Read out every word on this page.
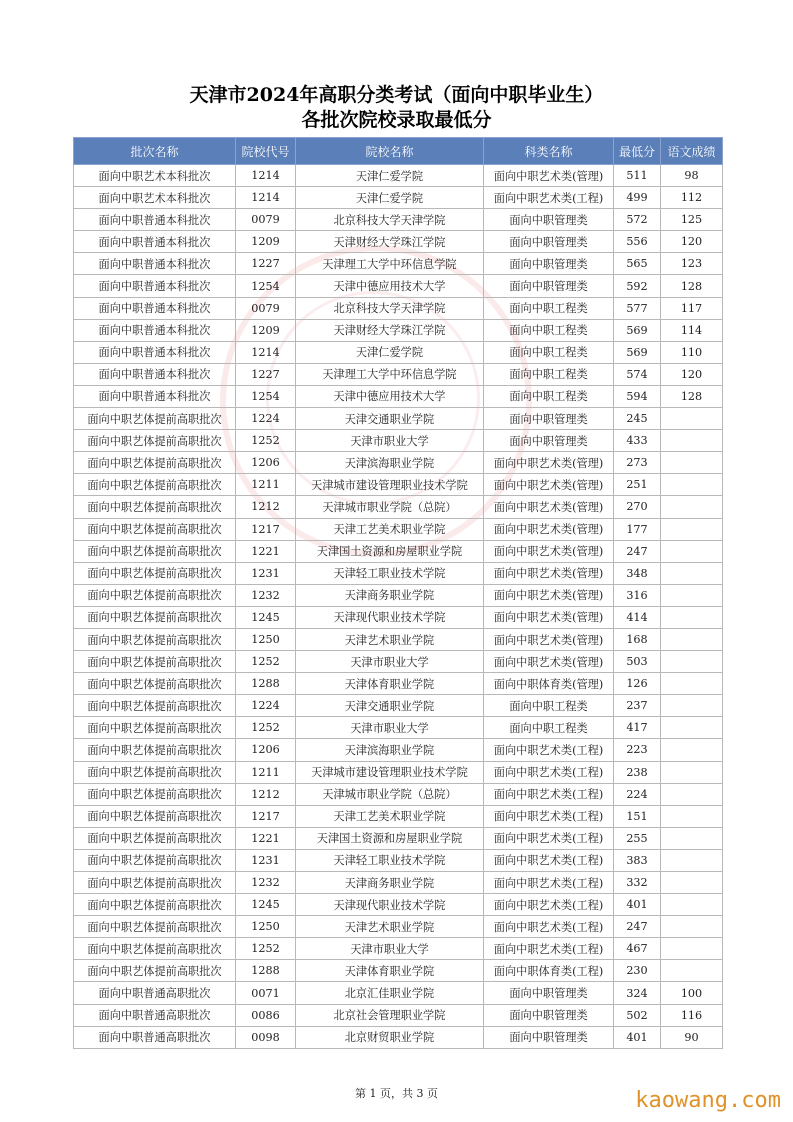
天津市2024年高职分类考试（面向中职毕业生）
各批次院校录取最低分
批次名称	院校代号	院校名称	科类名称	最低分	语文成绩
面向中职艺术本科批次	1214	天津仁爱学院	面向中职艺术类(管理)	511	98
面向中职艺术本科批次	1214	天津仁爱学院	面向中职艺术类(工程)	499	112
面向中职普通本科批次	0079	北京科技大学天津学院	面向中职管理类	572	125
面向中职普通本科批次	1209	天津财经大学珠江学院	面向中职管理类	556	120
面向中职普通本科批次	1227	天津理工大学中环信息学院	面向中职管理类	565	123
面向中职普通本科批次	1254	天津中德应用技术大学	面向中职管理类	592	128
面向中职普通本科批次	0079	北京科技大学天津学院	面向中职工程类	577	117
面向中职普通本科批次	1209	天津财经大学珠江学院	面向中职工程类	569	114
面向中职普通本科批次	1214	天津仁爱学院	面向中职工程类	569	110
面向中职普通本科批次	1227	天津理工大学中环信息学院	面向中职工程类	574	120
面向中职普通本科批次	1254	天津中德应用技术大学	面向中职工程类	594	128
面向中职艺体提前高职批次	1224	天津交通职业学院	面向中职管理类	245	
面向中职艺体提前高职批次	1252	天津市职业大学	面向中职管理类	433	
面向中职艺体提前高职批次	1206	天津滨海职业学院	面向中职艺术类(管理)	273	
面向中职艺体提前高职批次	1211	天津城市建设管理职业技术学院	面向中职艺术类(管理)	251	
面向中职艺体提前高职批次	1212	天津城市职业学院（总院）	面向中职艺术类(管理)	270	
面向中职艺体提前高职批次	1217	天津工艺美术职业学院	面向中职艺术类(管理)	177	
面向中职艺体提前高职批次	1221	天津国土资源和房屋职业学院	面向中职艺术类(管理)	247	
面向中职艺体提前高职批次	1231	天津轻工职业技术学院	面向中职艺术类(管理)	348	
面向中职艺体提前高职批次	1232	天津商务职业学院	面向中职艺术类(管理)	316	
面向中职艺体提前高职批次	1245	天津现代职业技术学院	面向中职艺术类(管理)	414	
面向中职艺体提前高职批次	1250	天津艺术职业学院	面向中职艺术类(管理)	168	
面向中职艺体提前高职批次	1252	天津市职业大学	面向中职艺术类(管理)	503	
面向中职艺体提前高职批次	1288	天津体育职业学院	面向中职体育类(管理)	126	
面向中职艺体提前高职批次	1224	天津交通职业学院	面向中职工程类	237	
面向中职艺体提前高职批次	1252	天津市职业大学	面向中职工程类	417	
面向中职艺体提前高职批次	1206	天津滨海职业学院	面向中职艺术类(工程)	223	
面向中职艺体提前高职批次	1211	天津城市建设管理职业技术学院	面向中职艺术类(工程)	238	
面向中职艺体提前高职批次	1212	天津城市职业学院（总院）	面向中职艺术类(工程)	224	
面向中职艺体提前高职批次	1217	天津工艺美术职业学院	面向中职艺术类(工程)	151	
面向中职艺体提前高职批次	1221	天津国土资源和房屋职业学院	面向中职艺术类(工程)	255	
面向中职艺体提前高职批次	1231	天津轻工职业技术学院	面向中职艺术类(工程)	383	
面向中职艺体提前高职批次	1232	天津商务职业学院	面向中职艺术类(工程)	332	
面向中职艺体提前高职批次	1245	天津现代职业技术学院	面向中职艺术类(工程)	401	
面向中职艺体提前高职批次	1250	天津艺术职业学院	面向中职艺术类(工程)	247	
面向中职艺体提前高职批次	1252	天津市职业大学	面向中职艺术类(工程)	467	
面向中职艺体提前高职批次	1288	天津体育职业学院	面向中职体育类(工程)	230	
面向中职普通高职批次	0071	北京汇佳职业学院	面向中职管理类	324	100
面向中职普通高职批次	0086	北京社会管理职业学院	面向中职管理类	502	116
面向中职普通高职批次	0098	北京财贸职业学院	面向中职管理类	401	90
第 1 页，共 3 页	kaowang.com
